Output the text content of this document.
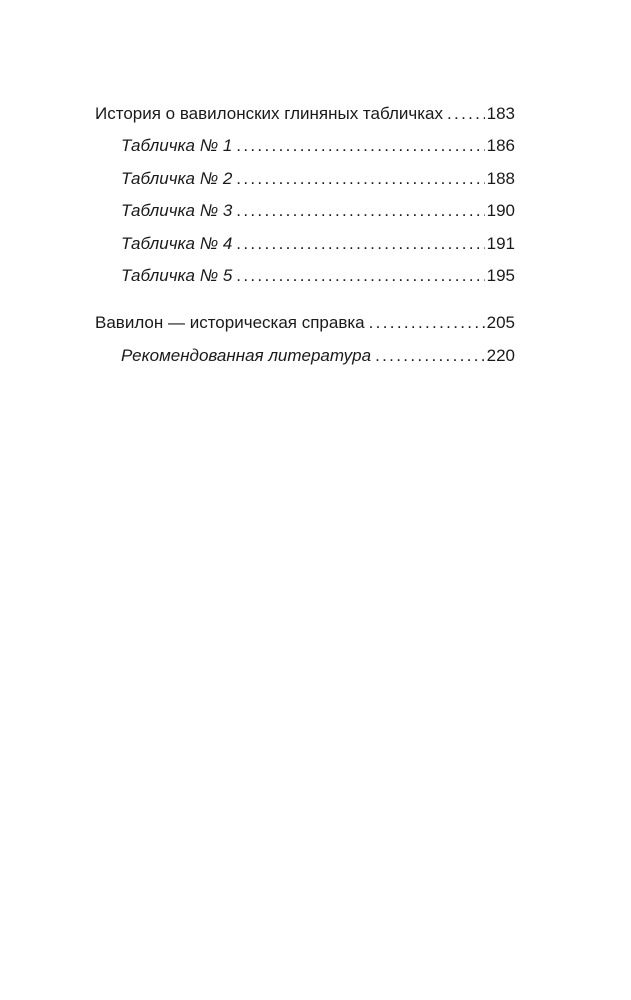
История о вавилонских глиняных табличках . . .	183
Табличка № 1 . . .	186
Табличка № 2 . . .	188
Табличка № 3 . . .	190
Табличка № 4 . . .	191
Табличка № 5 . . .	195
Вавилон — историческая справка . . .	205
Рекомендованная литература . . .	220
